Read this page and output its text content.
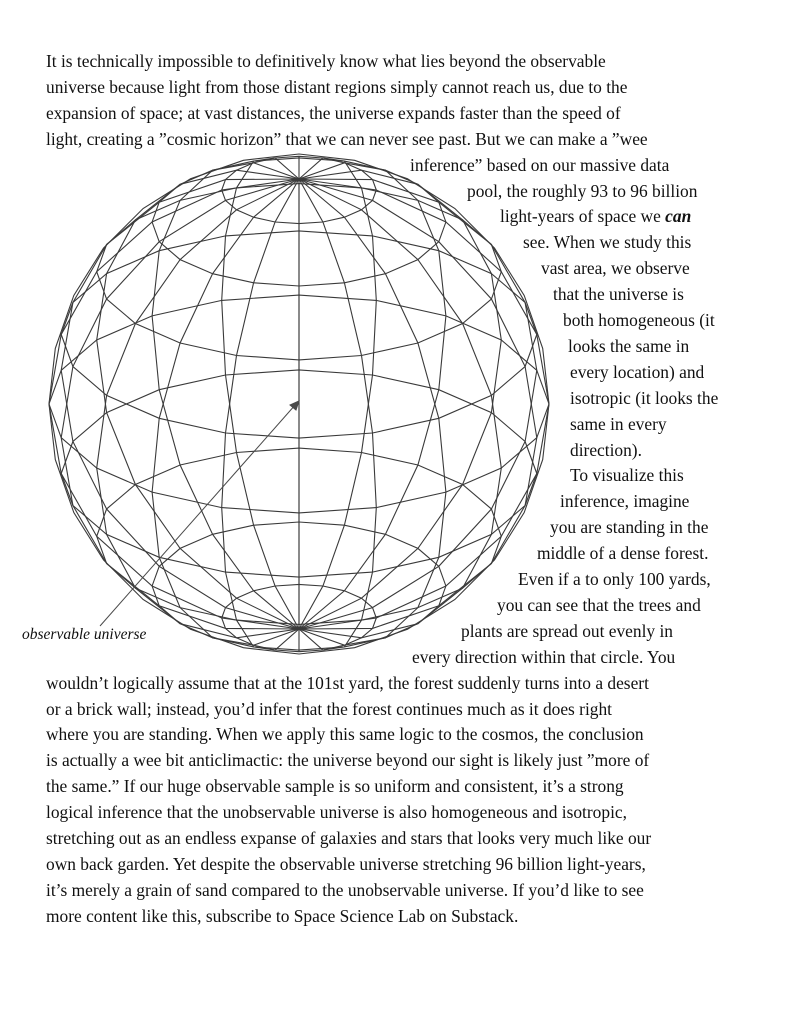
observable universe
It is technically impossible to definitively know what lies beyond the observable
universe because light from those distant regions simply cannot reach us, due to the
expansion of space; at vast distances, the universe expands faster than the speed of
light, creating a ”cosmic horizon” that we can never see past. But we can make a ”wee
inference” based on our massive data
pool, the roughly 93 to 96 billion
light-years of space we can
see. When we study this
vast area, we observe
that the universe is
both homogeneous (it
looks the same in
every location) and
isotropic (it looks the
same in every
direction).
To visualize this
inference, imagine
you are standing in the
middle of a dense forest.
Even if a to only 100 yards,
you can see that the trees and
plants are spread out evenly in
every direction within that circle. You
wouldn’t logically assume that at the 101st yard, the forest suddenly turns into a desert
or a brick wall; instead, you’d infer that the forest continues much as it does right
where you are standing. When we apply this same logic to the cosmos, the conclusion
is actually a wee bit anticlimactic: the universe beyond our sight is likely just ”more of
the same.” If our huge observable sample is so uniform and consistent, it’s a strong
logical inference that the unobservable universe is also homogeneous and isotropic,
stretching out as an endless expanse of galaxies and stars that looks very much like our
own back garden. Yet despite the observable universe stretching 96 billion light-years,
it’s merely a grain of sand compared to the unobservable universe. If you’d like to see
more content like this, subscribe to Space Science Lab on Substack.
